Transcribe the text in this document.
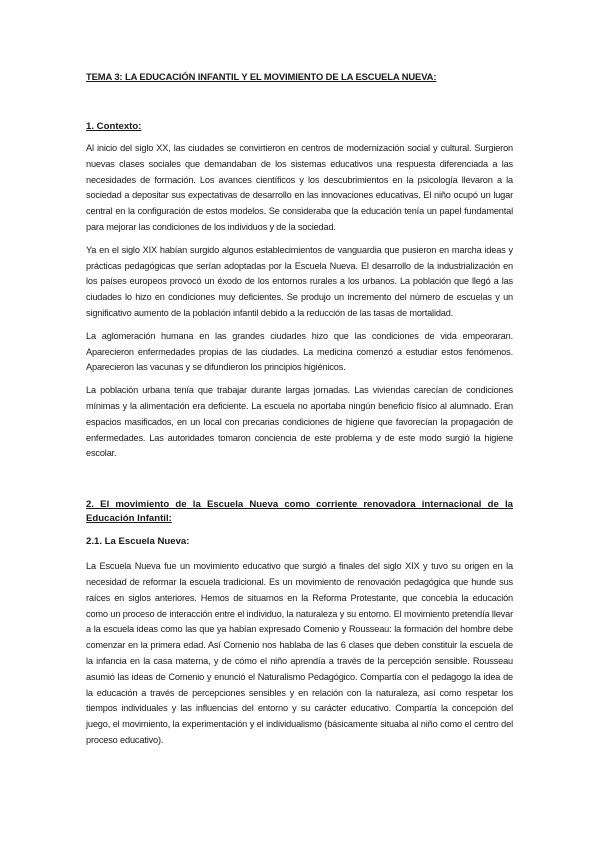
TEMA 3: LA EDUCACIÓN INFANTIL Y EL MOVIMIENTO DE LA ESCUELA NUEVA:
1. Contexto:

Al inicio del siglo XX, las ciudades se convirtieron en centros de modernización social y cultural. Surgieron nuevas clases sociales que demandaban de los sistemas educativos una respuesta diferenciada a las necesidades de formación. Los avances científicos y los descubrimientos en la psicología llevaron a la sociedad a depositar sus expectativas de desarrollo en las innovaciones educativas. El niño ocupó un lugar central en la configuración de estos modelos. Se consideraba que la educación tenía un papel fundamental para mejorar las condiciones de los individuos y de la sociedad.

Ya en el siglo XIX habían surgido algunos establecimientos de vanguardia que pusieron en marcha ideas y prácticas pedagógicas que serían adoptadas por la Escuela Nueva. El desarrollo de la industrialización en los países europeos provocó un éxodo de los entornos rurales a los urbanos. La población que llegó a las ciudades lo hizo en condiciones muy deficientes. Se produjo un incremento del número de escuelas y un significativo aumento de la población infantil debido a la reducción de las tasas de mortalidad.

La aglomeración humana en las grandes ciudades hizo que las condiciones de vida empeoraran. Aparecieron enfermedades propias de las ciudades. La medicina comenzó a estudiar estos fenómenos. Aparecieron las vacunas y se difundieron los principios higiénicos.

La población urbana tenía que trabajar durante largas jornadas. Las viviendas carecían de condiciones mínimas y la alimentación era deficiente. La escuela no aportaba ningún beneficio físico al alumnado. Eran espacios masificados, en un local con precarias condiciones de higiene que favorecían la propagación de enfermedades. Las autoridades tomaron conciencia de este problema y de este modo surgió la higiene escolar.

2. El movimiento de la Escuela Nueva como corriente renovadora internacional de la Educación Infantil:
2.1. La Escuela Nueva:

La Escuela Nueva fue un movimiento educativo que surgió a finales del siglo XIX y tuvo su origen en la necesidad de reformar la escuela tradicional. Es un movimiento de renovación pedagógica que hunde sus raíces en siglos anteriores. Hemos de situarnos en la Reforma Protestante, que concebía la educación como un proceso de interacción entre el individuo, la naturaleza y su entorno. El movimiento pretendía llevar a la escuela ideas como las que ya habían expresado Comenio y Rousseau: la formación del hombre debe comenzar en la primera edad. Así Comenio nos hablaba de las 6 clases que deben constituir la escuela de la infancia en la casa materna, y de cómo el niño aprendía a través de la percepción sensible. Rousseau asumió las ideas de Comenio y enunció el Naturalismo Pedagógico. Compartía con el pedagogo la idea de la educación a través de percepciones sensibles y en relación con la naturaleza, así como respetar los tiempos individuales y las influencias del entorno y su carácter educativo. Compartía la concepción del juego, el movimiento, la experimentación y el individualismo (básicamente situaba al niño como el centro del proceso educativo).
